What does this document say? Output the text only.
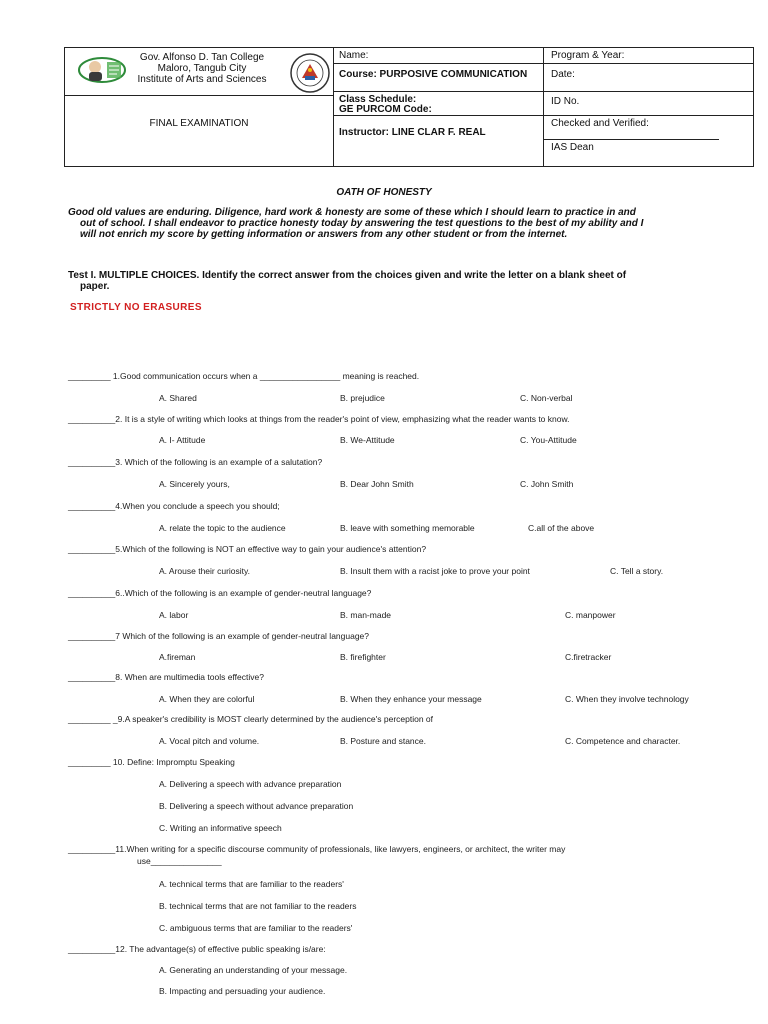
Gov. Alfonso D. Tan College
Maloro, Tangub City
Institute of Arts and Sciences
FINAL EXAMINATION
Name:
Course: PURPOSIVE COMMUNICATION
Class Schedule:
GE PURCOM Code:
Instructor: LINE CLAR F. REAL
Program & Year:
Date:
ID No.
Checked and Verified:
IAS Dean
OATH OF HONESTY
Good old values are enduring. Diligence, hard work & honesty are some of these which I should learn to practice in and
out of school. I shall endeavor to practice honesty today by answering the test questions to the best of my ability and I
will not enrich my score by getting information or answers from any other student or from the internet.
Test I. MULTIPLE CHOICES. Identify the correct answer from the choices given and write the letter on a blank sheet of
paper.
STRICTLY NO ERASURES
_________ 1.Good communication occurs when a _________________ meaning is reached.
A. Shared	B. prejudice	C. Non-verbal
__________2. It is a style of writing which looks at things from the reader's point of view, emphasizing what the reader wants to know.
A. I- Attitude	B. We-Attitude	C. You-Attitude
__________3. Which of the following is an example of a salutation?
A. Sincerely yours,	B. Dear John Smith	C. John Smith
__________4.When you conclude a speech you should;
A. relate the topic to the audience	B. leave with something memorable	C.all of the above
__________5.Which of the following is NOT an effective way to gain your audience's attention?
A. Arouse their curiosity.	B. Insult them with a racist joke to prove your point	C. Tell a story.
__________6..Which of the following is an example of gender-neutral language?
A. labor	B. man-made	C. manpower
__________7 Which of the following is an example of gender-neutral language?
A.fireman	B. firefighter	C.firetracker
__________8. When are multimedia tools effective?
A. When they are colorful	B. When they enhance your message	C. When they involve technology
_________ _9.A speaker's credibility is MOST clearly determined by the audience's perception of
A. Vocal pitch and volume.	B. Posture and stance.	C. Competence and character.
_________ 10. Define: Impromptu Speaking
A. Delivering a speech with advance preparation
B. Delivering a speech without advance preparation
C. Writing an informative speech
__________11.When writing for a specific discourse community of professionals, like lawyers, engineers, or architect, the writer may
use_______________
A. technical terms that are familiar to the readers'
B. technical terms that are not familiar to the readers
C. ambiguous terms that are familiar to the readers'
__________12. The advantage(s) of effective public speaking is/are:
A. Generating an understanding of your message.
B. Impacting and persuading your audience.
